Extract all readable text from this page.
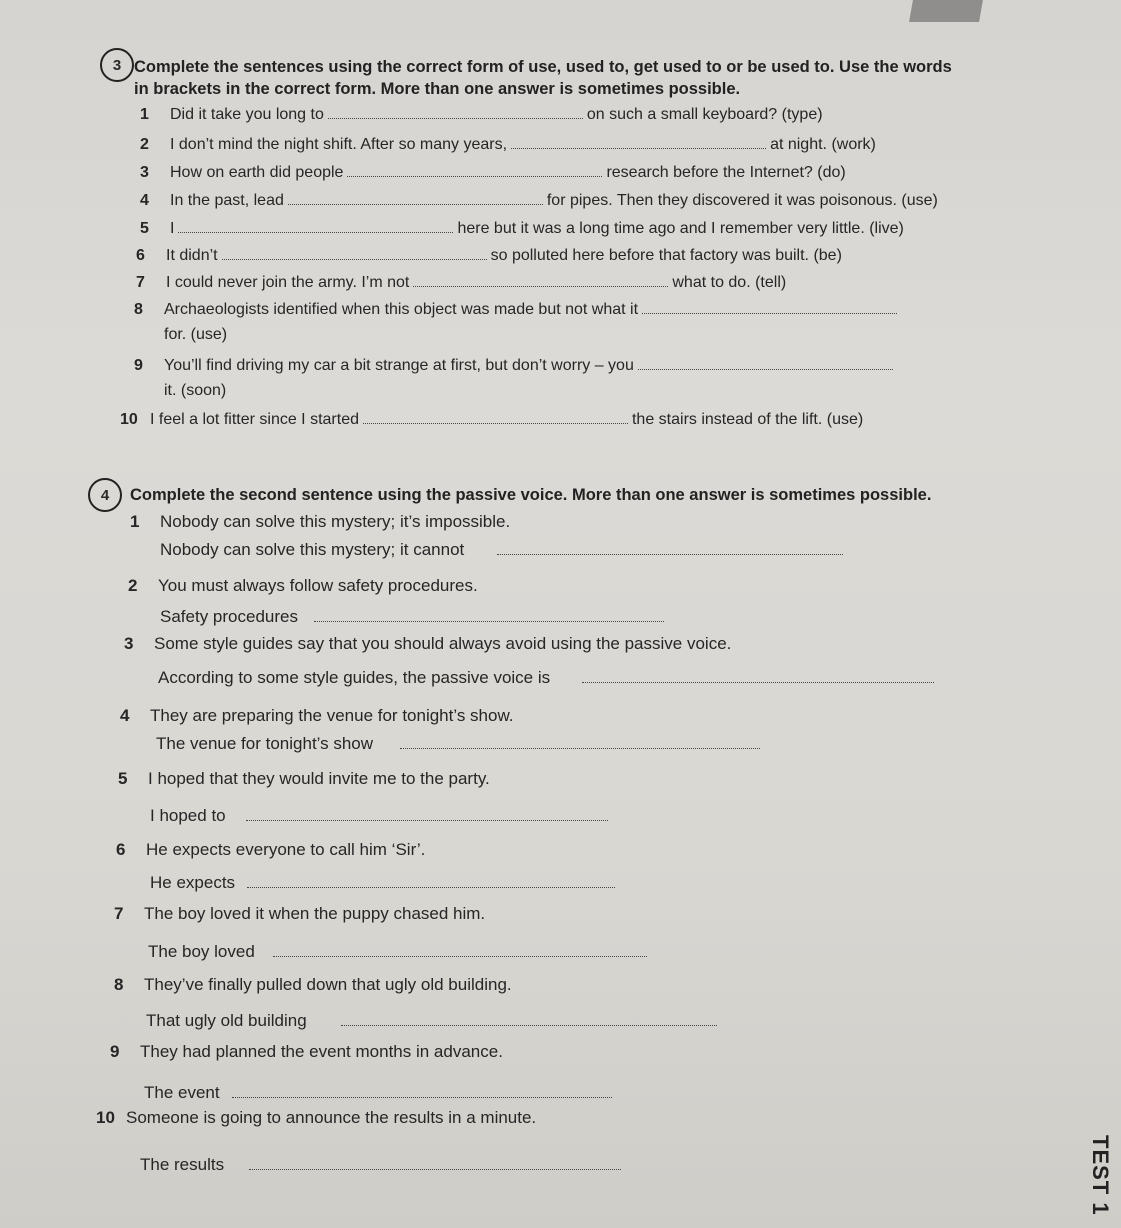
3 Complete the sentences using the correct form of use, used to, get used to or be used to. Use the words
in brackets in the correct form. More than one answer is sometimes possible.
1 Did it take you long to	on such a small keyboard? (type)
2 I don’t mind the night shift. After so many years,	at night. (work)
3 How on earth did people	research before the Internet? (do)
4 In the past, lead	for pipes. Then they discovered it was poisonous. (use)
5 I	here but it was a long time ago and I remember very little. (live)
6 It didn’t	so polluted here before that factory was built. (be)
7 I could never join the army. I’m not	what to do. (tell)
8 Archaeologists identified when this object was made but not what it
for. (use)
9 You’ll find driving my car a bit strange at first, but don’t worry – you
it. (soon)
10 I feel a lot fitter since I started	the stairs instead of the lift. (use)
4	Complete the second sentence using the passive voice. More than one answer is sometimes possible.
1 Nobody can solve this mystery; it’s impossible.
Nobody can solve this mystery; it cannot
2 You must always follow safety procedures.
Safety procedures
3 Some style guides say that you should always avoid using the passive voice.
According to some style guides, the passive voice is
4 They are preparing the venue for tonight’s show.
The venue for tonight’s show
5 I hoped that they would invite me to the party.
I hoped to
6 He expects everyone to call him ‘Sir’.
He expects
7 The boy loved it when the puppy chased him.
The boy loved
8 They’ve finally pulled down that ugly old building.
That ugly old building
9 They had planned the event months in advance.
The event
10 Someone is going to announce the results in a minute.
The results	TEST 1
